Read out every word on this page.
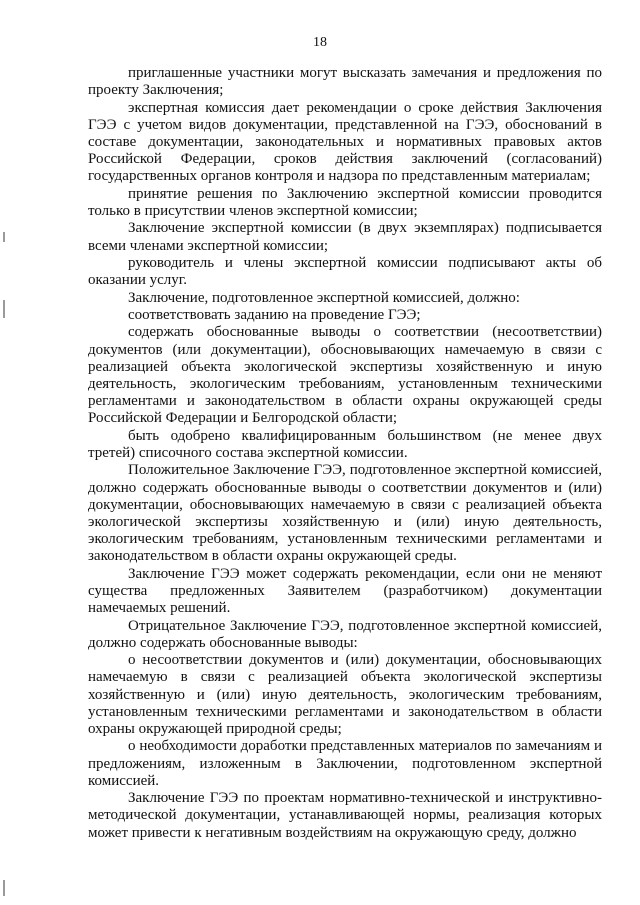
18

приглашенные участники могут высказать замечания и предложения по проекту Заключения;

экспертная комиссия дает рекомендации о сроке действия Заключения ГЭЭ с учетом видов документации, представленной на ГЭЭ, обоснований в составе документации, законодательных и нормативных правовых актов Российской Федерации, сроков действия заключений (согласований) государственных органов контроля и надзора по представленным материалам;

принятие решения по Заключению экспертной комиссии проводится только в присутствии членов экспертной комиссии;

Заключение экспертной комиссии (в двух экземплярах) подписывается всеми членами экспертной комиссии;

руководитель и члены экспертной комиссии подписывают акты об оказании услуг.

Заключение, подготовленное экспертной комиссией, должно:

соответствовать заданию на проведение ГЭЭ;

содержать обоснованные выводы о соответствии (несоответствии) документов (или документации), обосновывающих намечаемую в связи с реализацией объекта экологической экспертизы хозяйственную и иную деятельность, экологическим требованиям, установленным техническими регламентами и законодательством в области охраны окружающей среды Российской Федерации и Белгородской области;

быть одобрено квалифицированным большинством (не менее двух третей) списочного состава экспертной комиссии.

Положительное Заключение ГЭЭ, подготовленное экспертной комиссией, должно содержать обоснованные выводы о соответствии документов и (или) документации, обосновывающих намечаемую в связи с реализацией объекта экологической экспертизы хозяйственную и (или) иную деятельность, экологическим требованиям, установленным техническими регламентами и законодательством в области охраны окружающей среды.

Заключение ГЭЭ может содержать рекомендации, если они не меняют существа предложенных Заявителем (разработчиком) документации намечаемых решений.

Отрицательное Заключение ГЭЭ, подготовленное экспертной комиссией, должно содержать обоснованные выводы:

о несоответствии документов и (или) документации, обосновывающих намечаемую в связи с реализацией объекта экологической экспертизы хозяйственную и (или) иную деятельность, экологическим требованиям, установленным техническими регламентами и законодательством в области охраны окружающей природной среды;

о необходимости доработки представленных материалов по замечаниям и предложениям, изложенным в Заключении, подготовленном экспертной комиссией.

Заключение ГЭЭ по проектам нормативно-технической и инструктивно-методической документации, устанавливающей нормы, реализация которых может привести к негативным воздействиям на окружающую среду, должно
